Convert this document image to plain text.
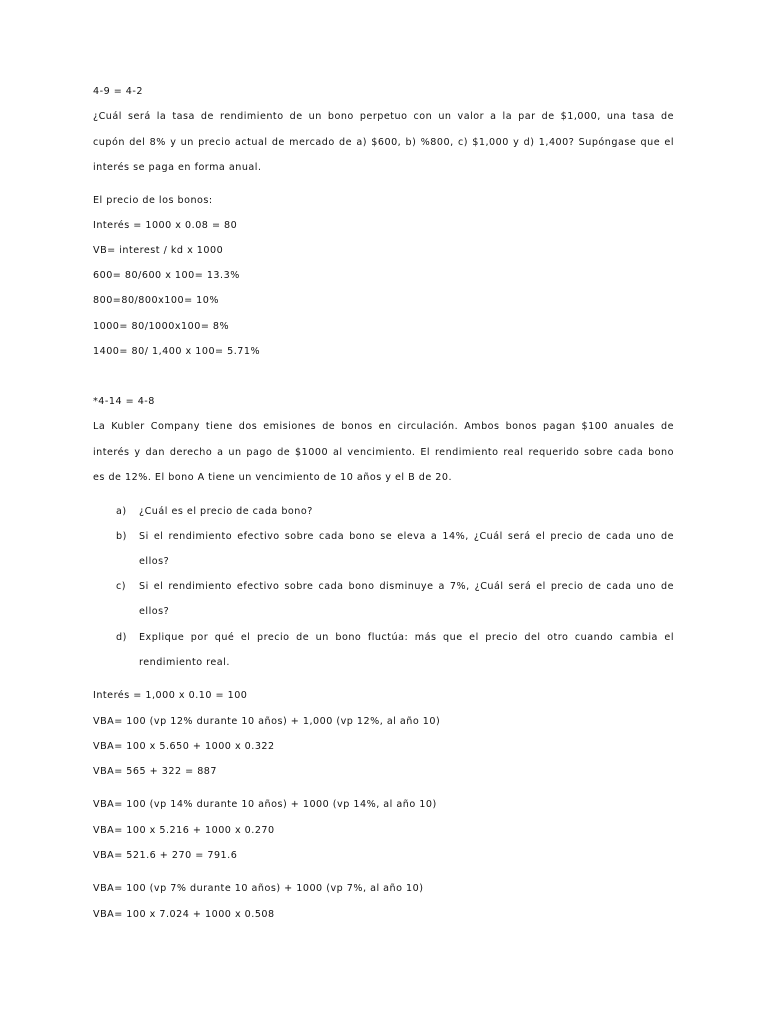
4-9 = 4-2
¿Cuál será la tasa de rendimiento de un bono perpetuo con un valor a la par de $1,000, una tasa de
cupón del 8% y un precio actual de mercado de a) $600, b) %800, c) $1,000 y d) 1,400? Supóngase que el
interés se paga en forma anual.
El precio de los bonos:
Interés = 1000 x 0.08 = 80
VB= interest / kd x 1000
600= 80/600 x 100= 13.3%
800=80/800x100= 10%
1000= 80/1000x100= 8%
1400= 80/ 1,400 x 100= 5.71%
*4-14 = 4-8
La Kubler Company tiene dos emisiones de bonos en circulación. Ambos bonos pagan $100 anuales de
interés y dan derecho a un pago de $1000 al vencimiento. El rendimiento real requerido sobre cada bono
es de 12%. El bono A tiene un vencimiento de 10 años y el B de 20.
a) ¿Cuál es el precio de cada bono?
b) Si el rendimiento efectivo sobre cada bono se eleva a 14%, ¿Cuál será el precio de cada uno de
ellos?
c) Si el rendimiento efectivo sobre cada bono disminuye a 7%, ¿Cuál será el precio de cada uno de
ellos?
d) Explique por qué el precio de un bono fluctúa: más que el precio del otro cuando cambia el
rendimiento real.
Interés = 1,000 x 0.10 = 100
VBA= 100 (vp 12% durante 10 años) + 1,000 (vp 12%, al año 10)
VBA= 100 x 5.650 + 1000 x 0.322
VBA= 565 + 322 = 887
VBA= 100 (vp 14% durante 10 años) + 1000 (vp 14%, al año 10)
VBA= 100 x 5.216 + 1000 x 0.270
VBA= 521.6 + 270 = 791.6
VBA= 100 (vp 7% durante 10 años) + 1000 (vp 7%, al año 10)
VBA= 100 x 7.024 + 1000 x 0.508
